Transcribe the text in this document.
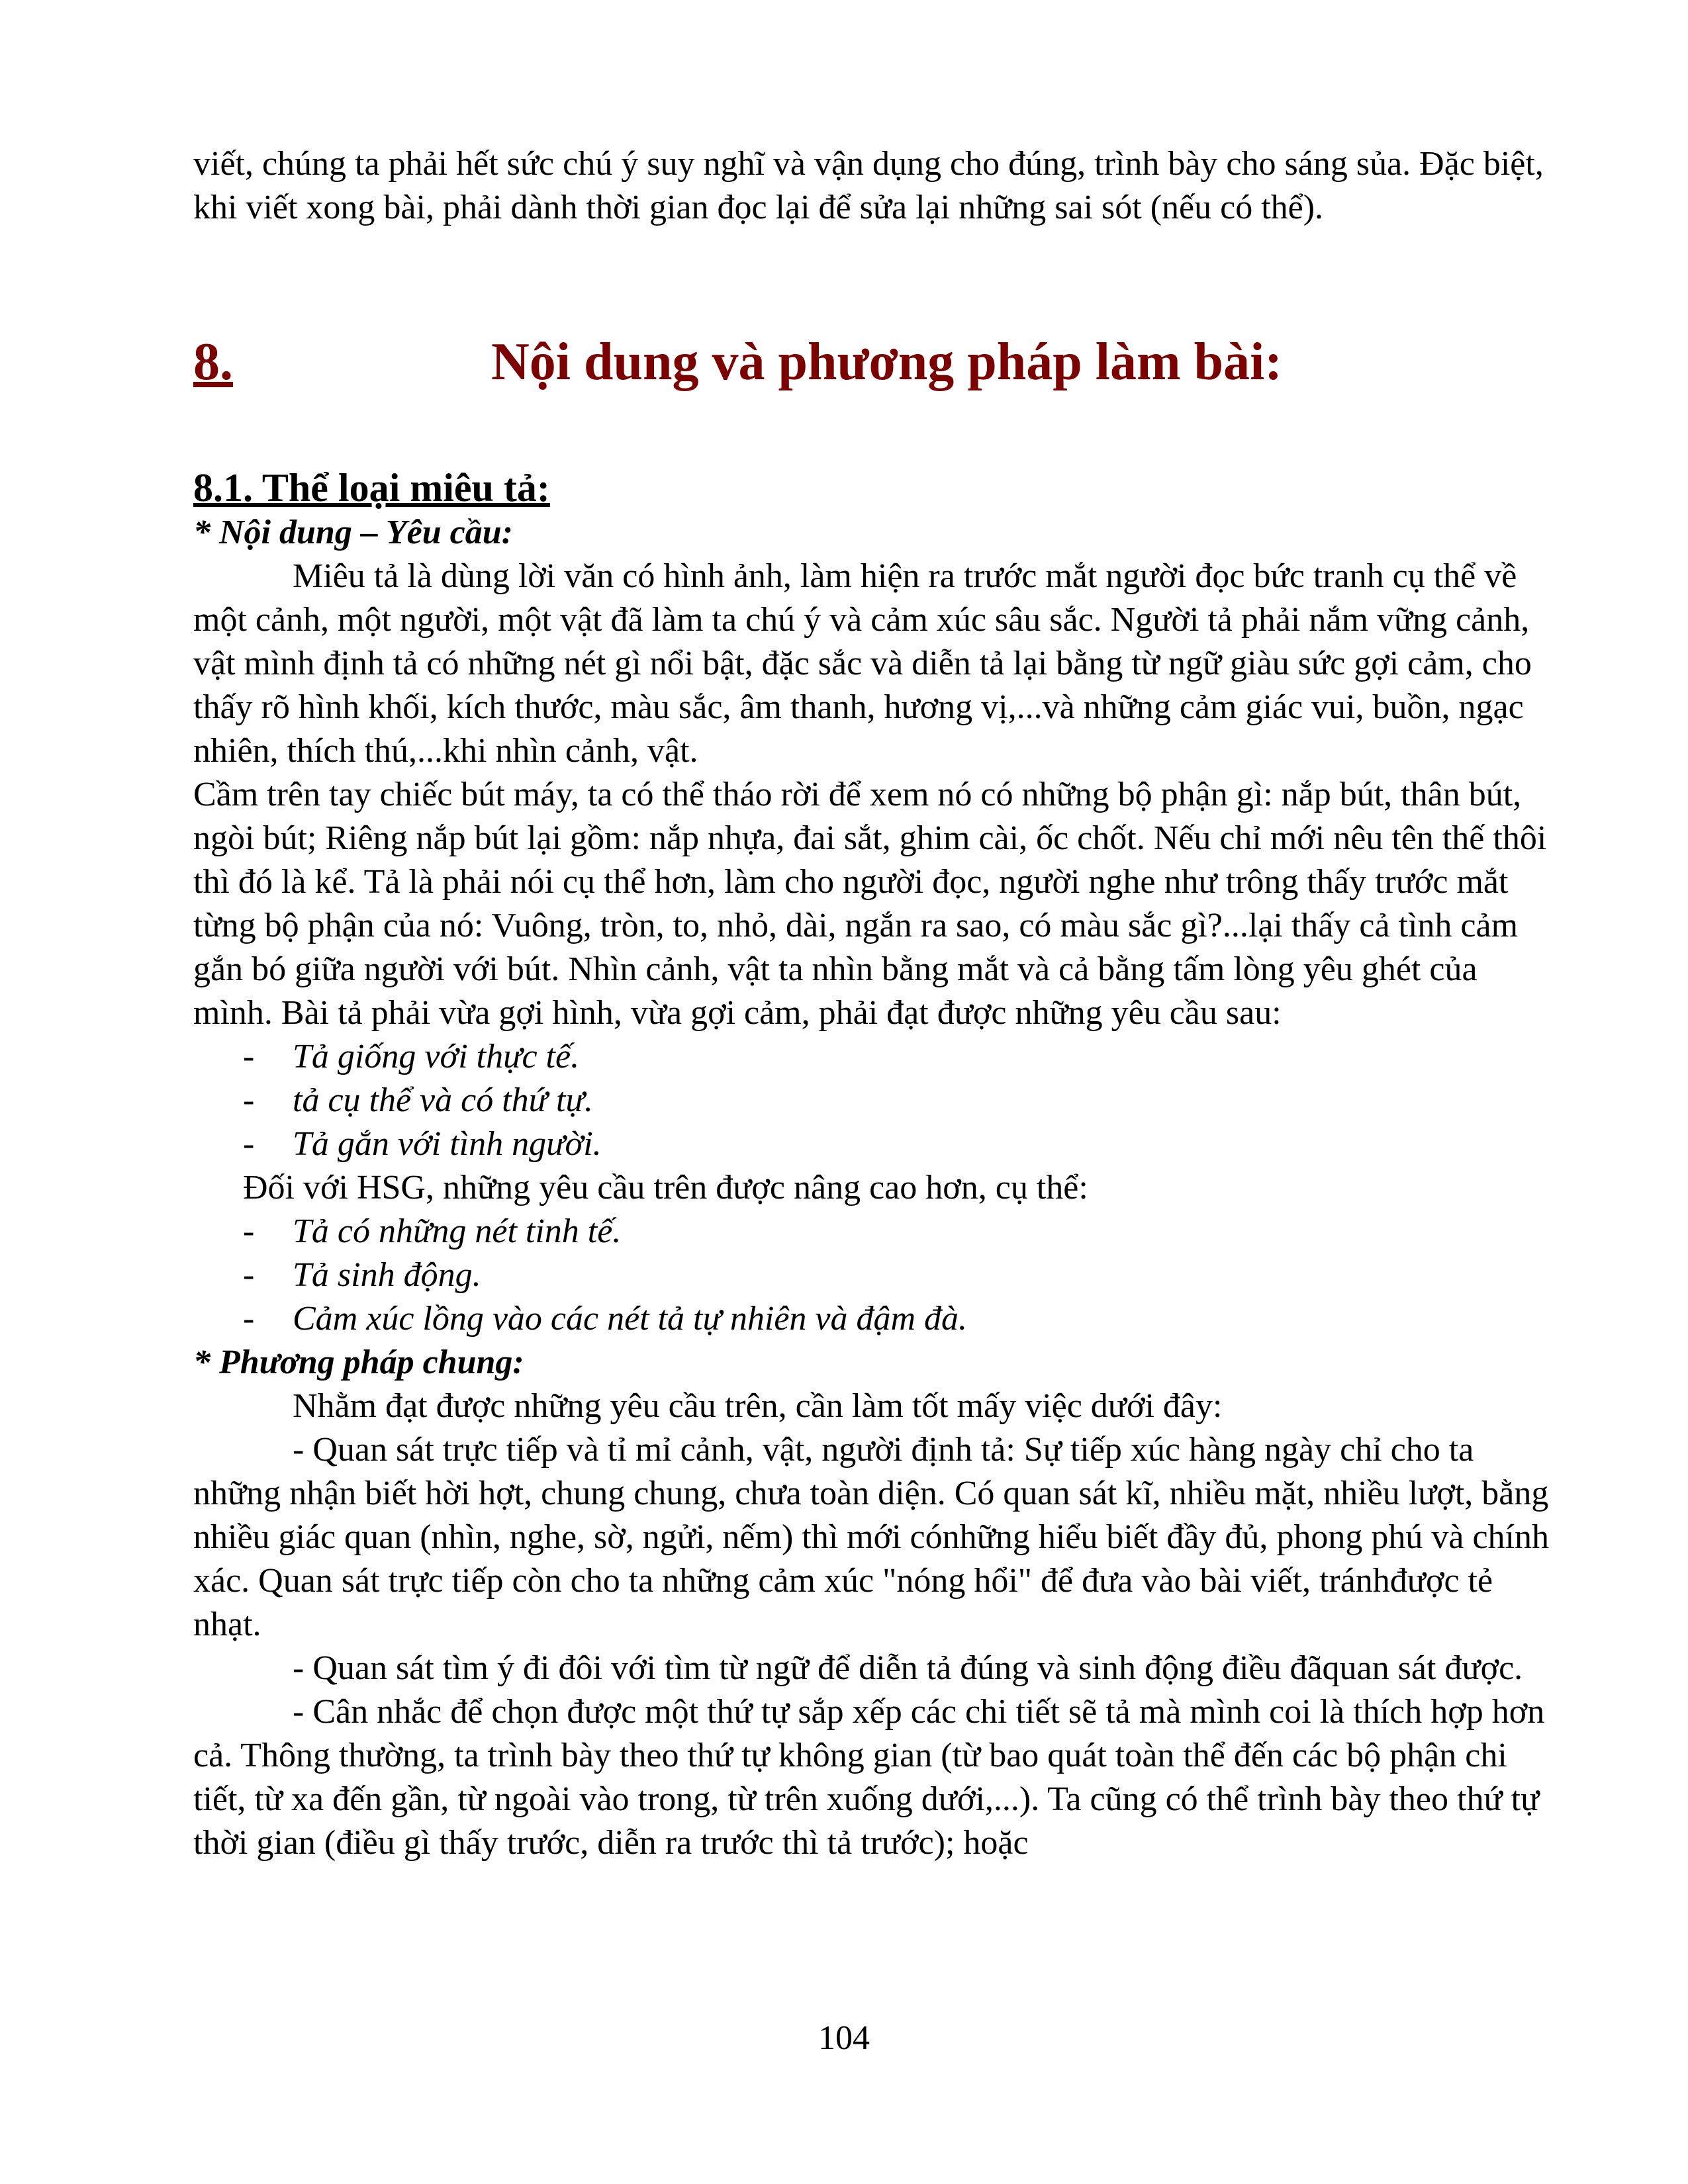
viết, chúng ta phải hết sức chú ý suy nghĩ và vận dụng cho đúng, trình bày cho sáng sủa. Đặc biệt, khi viết xong bài, phải dành thời gian đọc lại để sửa lại những sai sót (nếu có thể).

8.	Nội dung và phương pháp làm bài:

8.1. Thể loại miêu tả:

* Nội dung – Yêu cầu:

Miêu tả là dùng lời văn có hình ảnh, làm hiện ra trước mắt người đọc bức tranh cụ thể về một cảnh, một người, một vật đã làm ta chú ý và cảm xúc sâu sắc. Người tả phải nắm vững cảnh, vật mình định tả có những nét gì nổi bật, đặc sắc và diễn tả lại bằng từ ngữ giàu sức gợi cảm, cho thấy rõ hình khối, kích thước, màu sắc, âm thanh, hương vị,...và những cảm giác vui, buồn, ngạc nhiên, thích thú,...khi nhìn cảnh, vật.

Cầm trên tay chiếc bút máy, ta có thể tháo rời để xem nó có những bộ phận gì: nắp bút, thân bút, ngòi bút; Riêng nắp bút lại gồm: nắp nhựa, đai sắt, ghim cài, ốc chốt. Nếu chỉ mới nêu tên thế thôi thì đó là kể. Tả là phải nói cụ thể hơn, làm cho người đọc, người nghe như trông thấy trước mắt từng bộ phận của nó: Vuông, tròn, to, nhỏ, dài, ngắn ra sao, có màu sắc gì?...lại thấy cả tình cảm gắn bó giữa người với bút. Nhìn cảnh, vật ta nhìn bằng mắt và cả bằng tấm lòng yêu ghét của mình. Bài tả phải vừa gợi hình, vừa gợi cảm, phải đạt được những yêu cầu sau:

- Tả giống với thực tế.
- tả cụ thể và có thứ tự.
- Tả gắn với tình người.

Đối với HSG, những yêu cầu trên được nâng cao hơn, cụ thể:

- Tả có những nét tinh tế.
- Tả sinh động.
- Cảm xúc lồng vào các nét tả tự nhiên và đậm đà.

* Phương pháp chung:

Nhằm đạt được những yêu cầu trên, cần làm tốt mấy việc dưới đây:

- Quan sát trực tiếp và tỉ mỉ cảnh, vật, người định tả: Sự tiếp xúc hàng ngày chỉ cho ta những nhận biết hời hợt, chung chung, chưa toàn diện. Có quan sát kĩ, nhiều mặt, nhiều lượt, bằng nhiều giác quan (nhìn, nghe, sờ, ngửi, nếm) thì mới cónhững hiểu biết đầy đủ, phong phú và chính xác. Quan sát trực tiếp còn cho ta những cảm xúc "nóng hổi" để đưa vào bài viết, tránhđược tẻ nhạt.

- Quan sát tìm ý đi đôi với tìm từ ngữ để diễn tả đúng và sinh động điều đãquan sát được.

- Cân nhắc để chọn được một thứ tự sắp xếp các chi tiết sẽ tả mà mình coi là thích hợp hơn cả. Thông thường, ta trình bày theo thứ tự không gian (từ bao quát toàn thể đến các bộ phận chi tiết, từ xa đến gần, từ ngoài vào trong, từ trên xuống dưới,...). Ta cũng có thể trình bày theo thứ tự thời gian (điều gì thấy trước, diễn ra trước thì tả trước); hoặc

104
